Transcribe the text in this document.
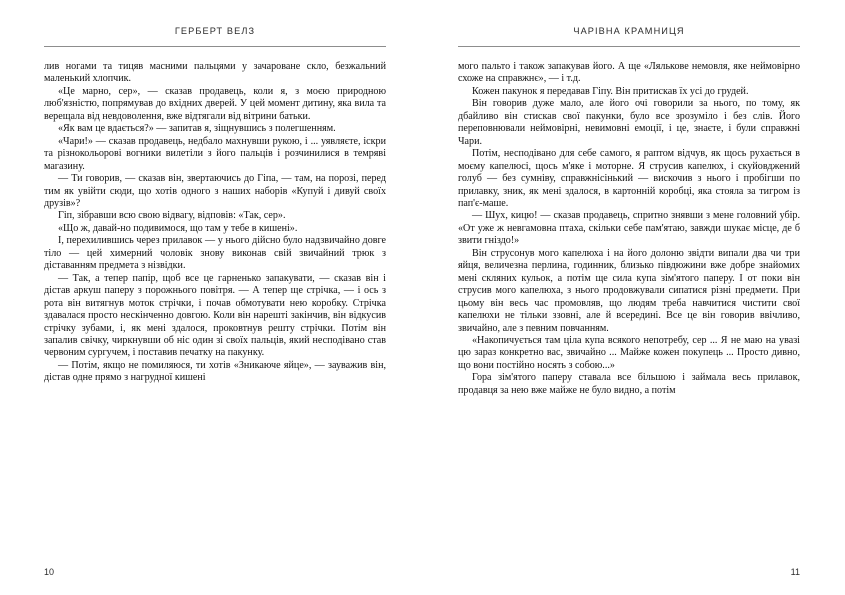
ГЕРБЕРТ ВЕЛЗ

лив ногами та тицяв масними пальцями у зачароване скло, безжальний маленький хлопчик.

«Це марно, сер», — сказав продавець, коли я, з моєю природною люб'язністю, попрямував до вхідних дверей. У цей момент дитину, яка вила та верещала від невдоволення, вже відтягали від вітрини батьки.

«Як вам це вдається?» — запитав я, зіщнувшись з полегшенням.

«Чари!» — сказав продавець, недбало махнувши рукою, і ... уявляєте, іскри та різнокольорові вогники вилетіли з його пальців і розчинилися в темряві магазину.

— Ти говорив, — сказав він, звертаючись до Гіпа, — там, на порозі, перед тим як увійти сюди, що хотів одного з наших наборів «Купуй і дивуй своїх друзів»?

Гіп, зібравши всю свою відвагу, відповів: «Так, сер».

«Що ж, давай-но подивимося, що там у тебе в кишені».

І, перехилившись через прилавок — у нього дійсно було надзвичайно довге тіло — цей химерний чоловік знову виконав свій звичайний трюк з діставанням предмета з нізвідки.

— Так, а тепер папір, щоб все це гарненько запакувати, — сказав він і дістав аркуш паперу з порожнього повітря. — А тепер ще стрічка, — і ось з рота він витягнув моток стрічки, і почав обмотувати нею коробку. Стрічка здавалася просто нескінченно довгою. Коли він нарешті закінчив, він відкусив стрічку зубами, і, як мені здалося, проковтнув решту стрічки. Потім він запалив свічку, чиркнувши об ніс один зі своїх пальців, який несподівано став червоним сургучем, і поставив печатку на пакунку.

— Потім, якщо не помиляюся, ти хотів «Зникаюче яйце», — зауважив він, дістав одне прямо з нагрудної кишені

10
ЧАРІВНА КРАМНИЦЯ

мого пальто і також запакував його. А ще «Лялькове немовля, яке неймовірно схоже на справжнє», — і т.д.

Кожен пакунок я передавав Гіпу. Він притискав їх усі до грудей.

Він говорив дуже мало, але його очі говорили за нього, по тому, як дбайливо він стискав свої пакунки, було все зрозуміло і без слів. Його переповнювали неймовірні, невимовні емоції, і це, знаєте, і були справжні Чари.

Потім, несподівано для себе самого, я раптом відчув, як щось рухається в моєму капелюсі, щось м'яке і моторне. Я струсив капелюх, і скуйовджений голуб — без сумніву, справжнісінький — вискочив з нього і пробігши по прилавку, зник, як мені здалося, в картонній коробці, яка стояла за тигром із пап'є-маше.

— Шух, кицю! — сказав продавець, спритно знявши з мене головний убір. «От уже ж невгамовна птаха, скільки себе пам'ятаю, завжди шукає місце, де б звити гніздо!»

Він струсонув мого капелюха і на його долоню звідти випали два чи три яйця, величезна перлина, годинник, близько півдюжини вже добре знайомих мені скляних кульок, а потім ще сила купа зім'ятого паперу. І от поки він струсив мого капелюха, з нього продовжували сипатися різні предмети. При цьому він весь час промовляв, що людям треба навчитися чистити свої капелюхи не тільки ззовні, але й всередині. Все це він говорив ввічливо, звичайно, але з певним повчанням.

«Накопичується там ціла купа всякого непотребу, сер ... Я не маю на увазі цю зараз конкретно вас, звичайно ... Майже кожен покупець ... Просто дивно, що вони постійно носять з собою...»

Гора зім'ятого паперу ставала все більшою і займала весь прилавок, продавця за нею вже майже не було видно, а потім

11
